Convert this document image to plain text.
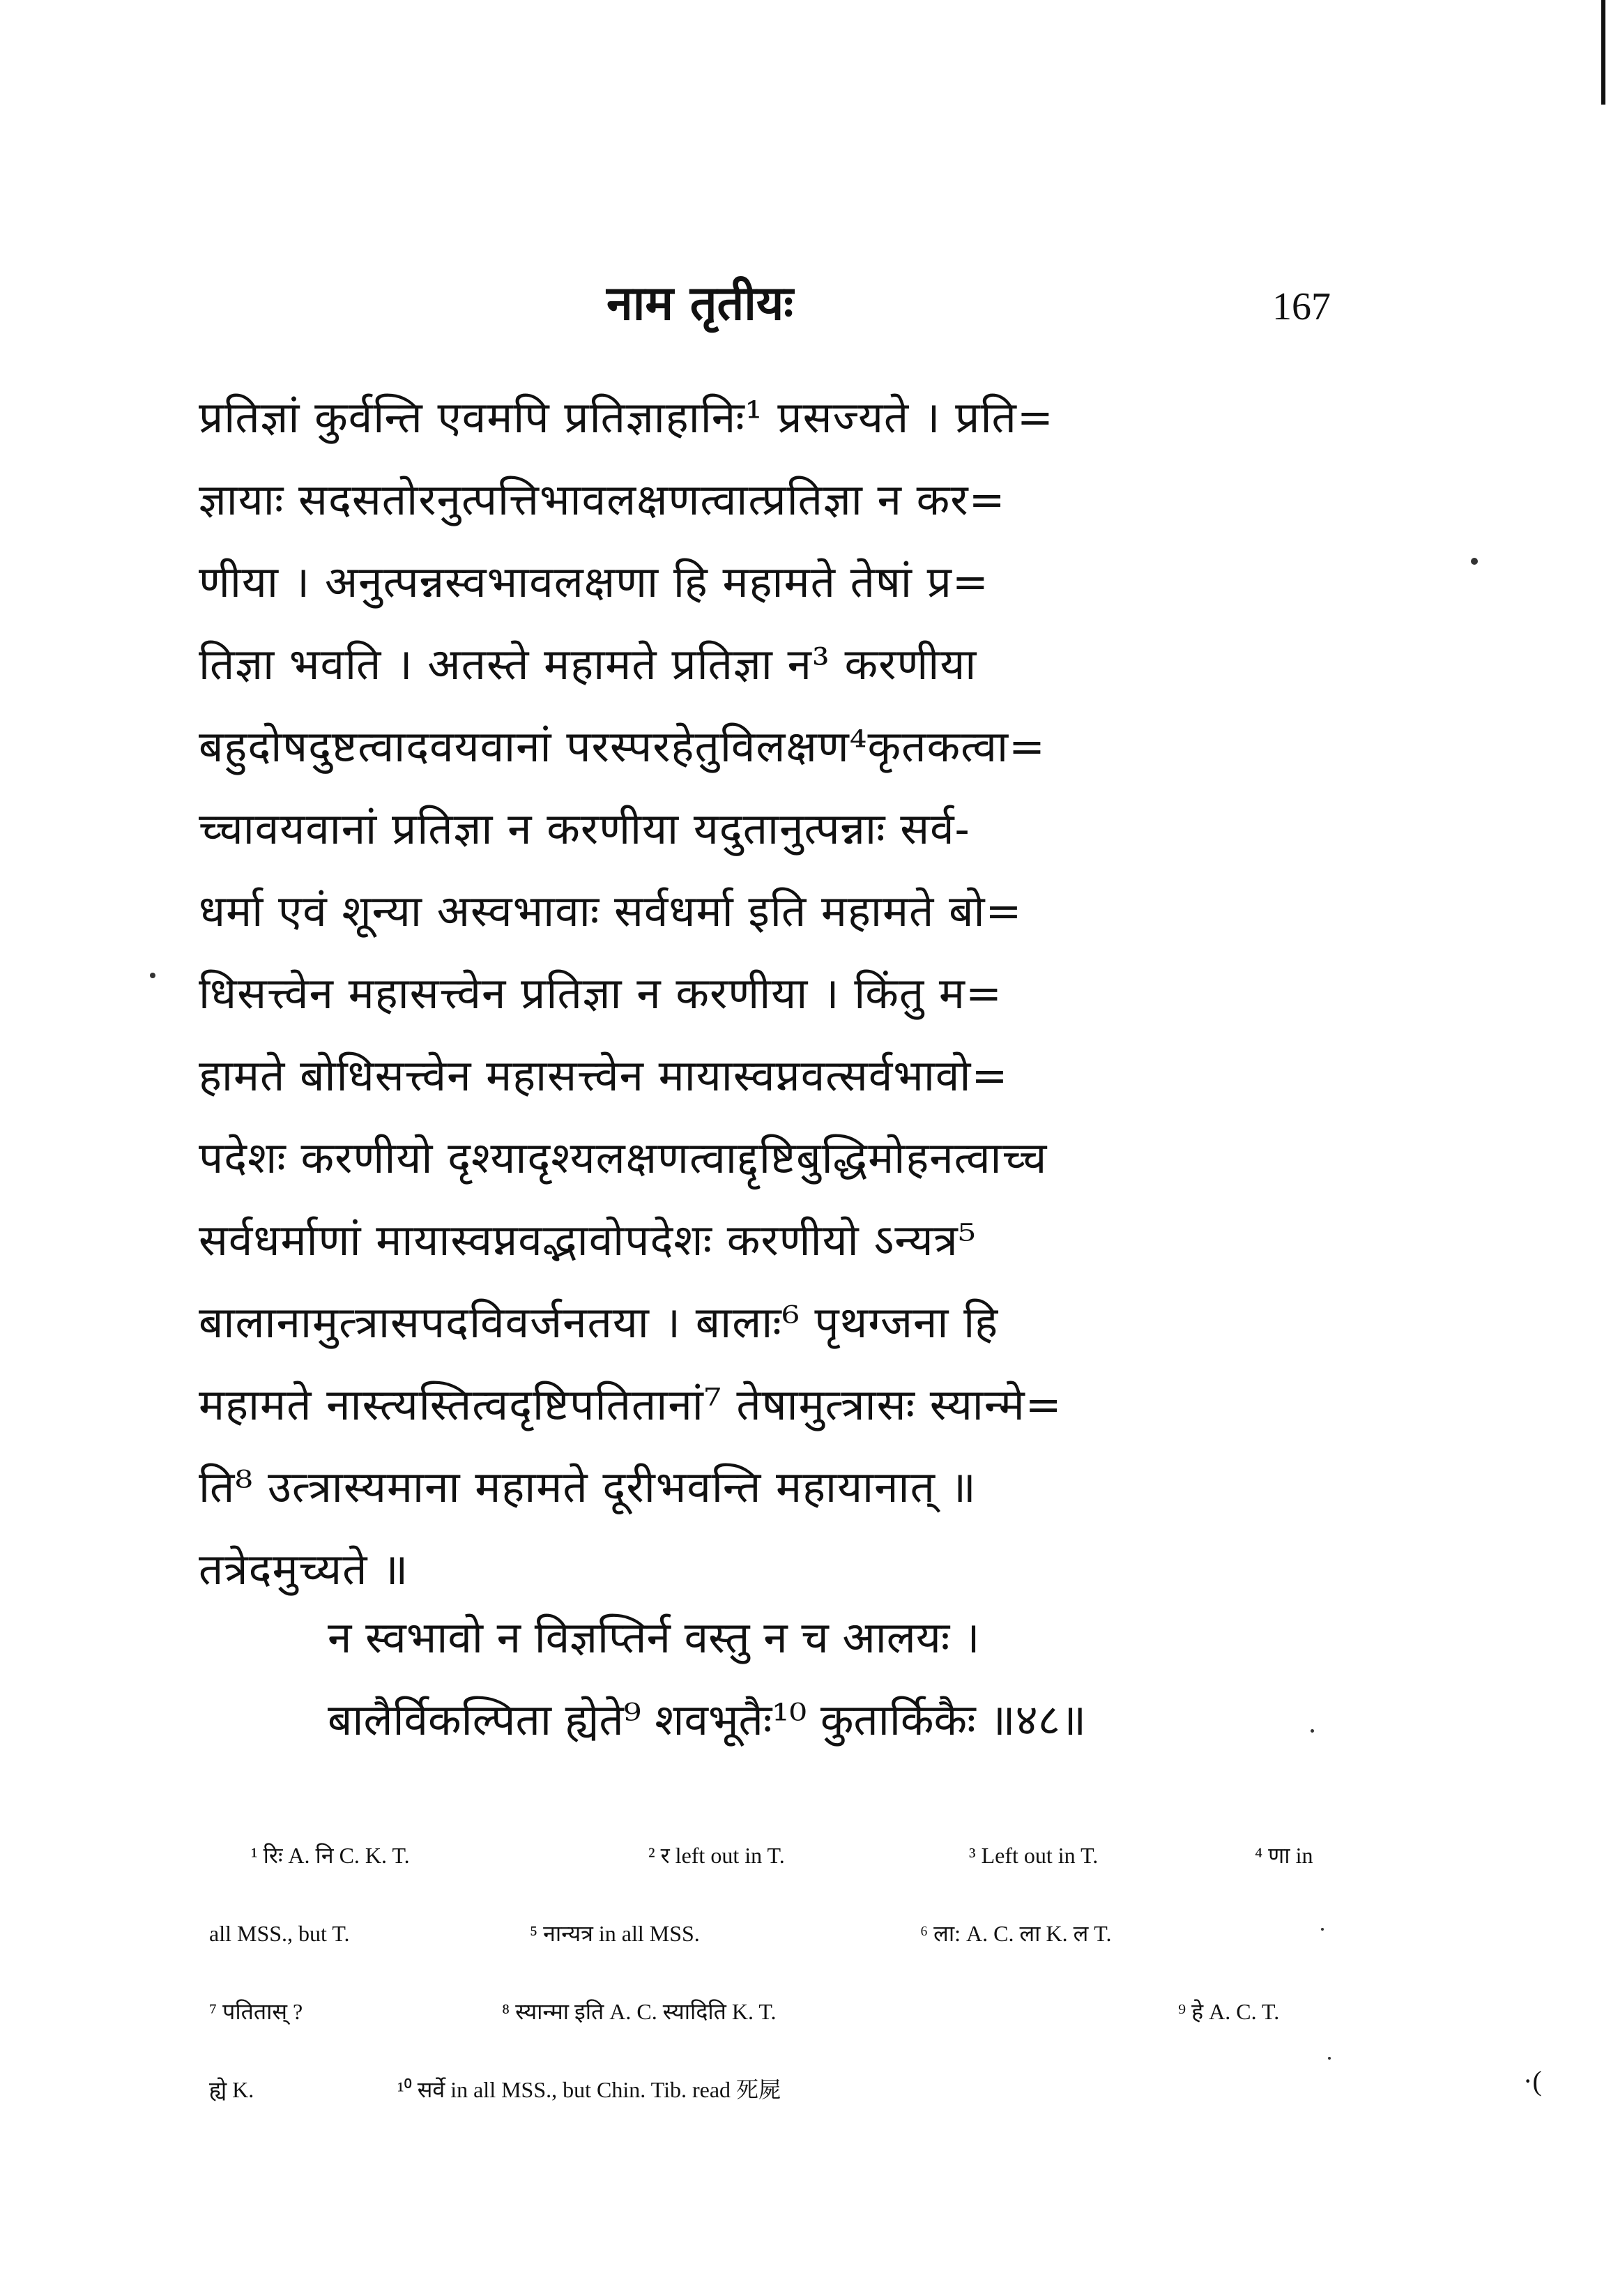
नाम तृतीयः	167
प्रतिज्ञां कुर्वन्ति एवमपि प्रतिज्ञाहानिः¹ प्रसज्यते । प्रति=
ज्ञायाः सदसतोरनुत्पत्तिभावलक्षणत्वात्प्रतिज्ञा न कर=
णीया । अनुत्पन्नस्वभावलक्षणा हि महामते तेषां प्र=
तिज्ञा भवति । अतस्ते महामते प्रतिज्ञा न³ करणीया
बहुदोषदुष्टत्वादवयवानां परस्परहेतुविलक्षण⁴कृतकत्वा=
च्चावयवानां प्रतिज्ञा न करणीया यदुतानुत्पन्नाः सर्व-
धर्मा एवं शून्या अस्वभावाः सर्वधर्मा इति महामते बो=
धिसत्त्वेन महासत्त्वेन प्रतिज्ञा न करणीया । किंतु म=
हामते बोधिसत्त्वेन महासत्त्वेन मायास्वप्नवत्सर्वभावो=
पदेशः करणीयो दृश्यादृश्यलक्षणत्वाद्दृष्टिबुद्धिमोहनत्वाच्च
सर्वधर्माणां मायास्वप्नवद्भावोपदेशः करणीयो ऽन्यत्र⁵
बालानामुत्त्रासपदविवर्जनतया । बालाः⁶ पृथग्जना हि
महामते नास्त्यस्तित्वदृष्टिपतितानां⁷ तेषामुत्त्रासः स्यान्मे=
ति⁸ उत्त्रास्यमाना महामते दूरीभवन्ति महायानात् ॥
तत्रेदमुच्यते ॥
न स्वभावो न विज्ञप्तिर्न वस्तु न च आलयः ।
बालैर्विकल्पिता ह्येते⁹ शवभूतैः¹⁰ कुतार्किकैः ॥४८॥
¹ रिः A. नि C. K. T.	² र left out in T.	³ Left out in T.	⁴ णा in
all MSS., but T.	⁵ नान्यत्र in all MSS.	⁶ ला: A. C. ला K. ल T.
⁷ पतितास् ?	⁸ स्यान्मा इति A. C. स्यादिति K. T.	⁹ हे A. C. T.
ह्ये K.	¹⁰ सर्वे in all MSS., but Chin. Tib. read 死屍	·(
